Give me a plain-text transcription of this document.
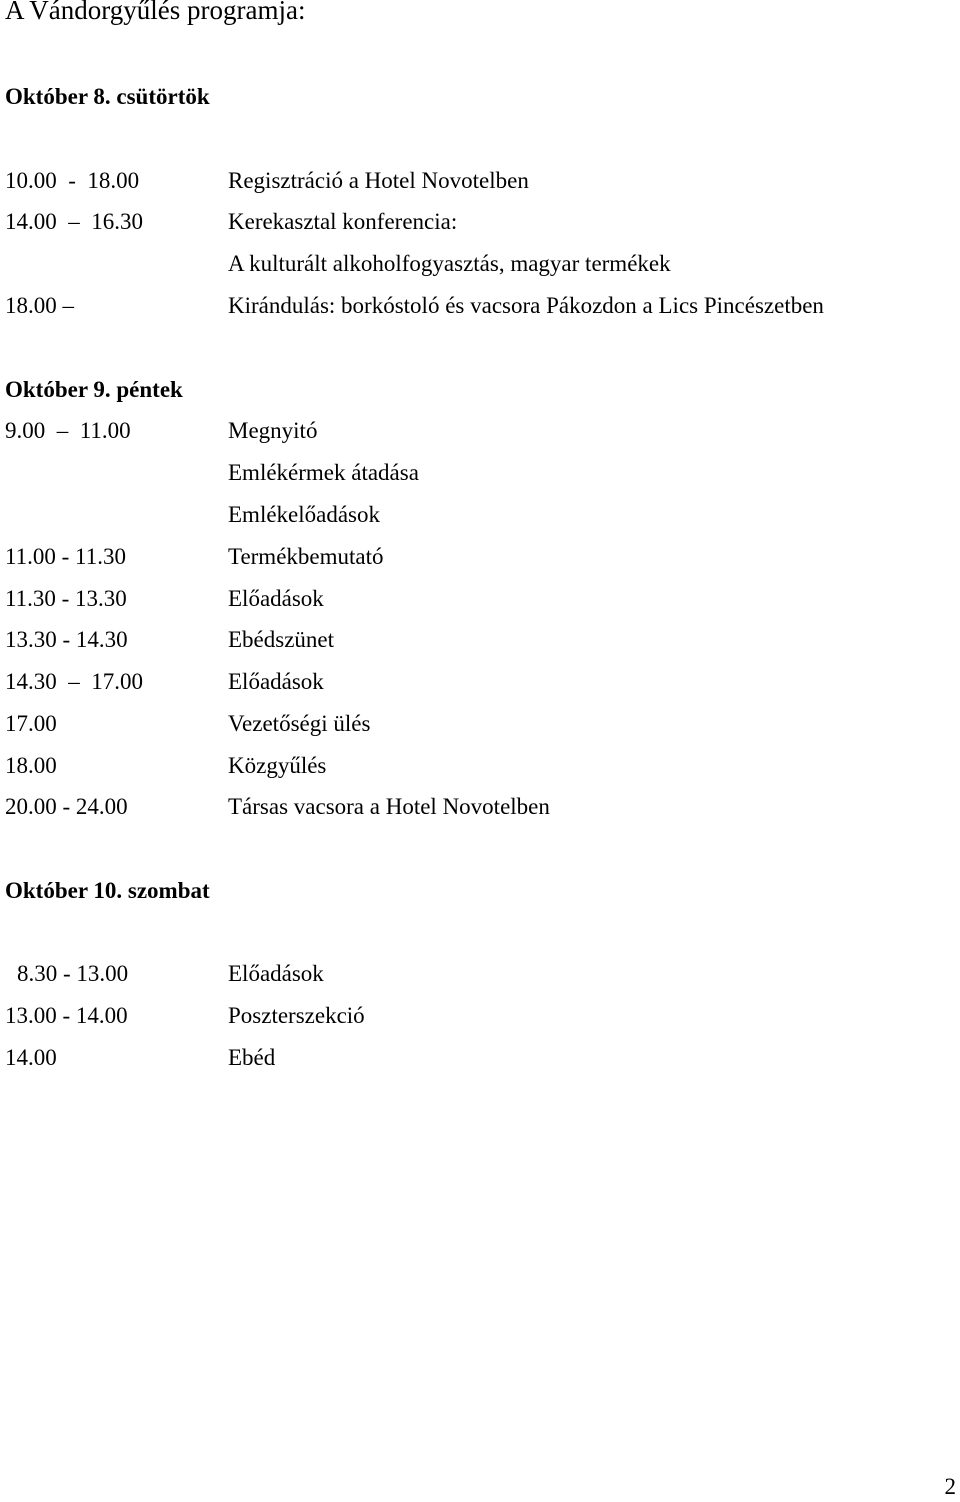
A Vándorgyűlés programja:
Október 8. csütörtök
10.00  -  18.00	Regisztráció a Hotel Novotelben
14.00  –  16.30	Kerekasztal konferencia:
A kulturált alkoholfogyasztás, magyar termékek
18.00 –	Kirándulás: borkóstoló és vacsora Pákozdon a Lics Pincészetben
Október 9. péntek
9.00  –  11.00	Megnyitó
Emlékérmek átadása
Emlékelőadások
11.00 - 11.30	Termékbemutató
11.30 - 13.30	Előadások
13.30 - 14.30	Ebédszünet
14.30  –  17.00	Előadások
17.00	Vezetőségi ülés
18.00	Közgyűlés
20.00 - 24.00	Társas vacsora a Hotel Novotelben
Október 10. szombat
8.30 - 13.00	Előadások
13.00 - 14.00	Poszterszekció
14.00	Ebéd
2
